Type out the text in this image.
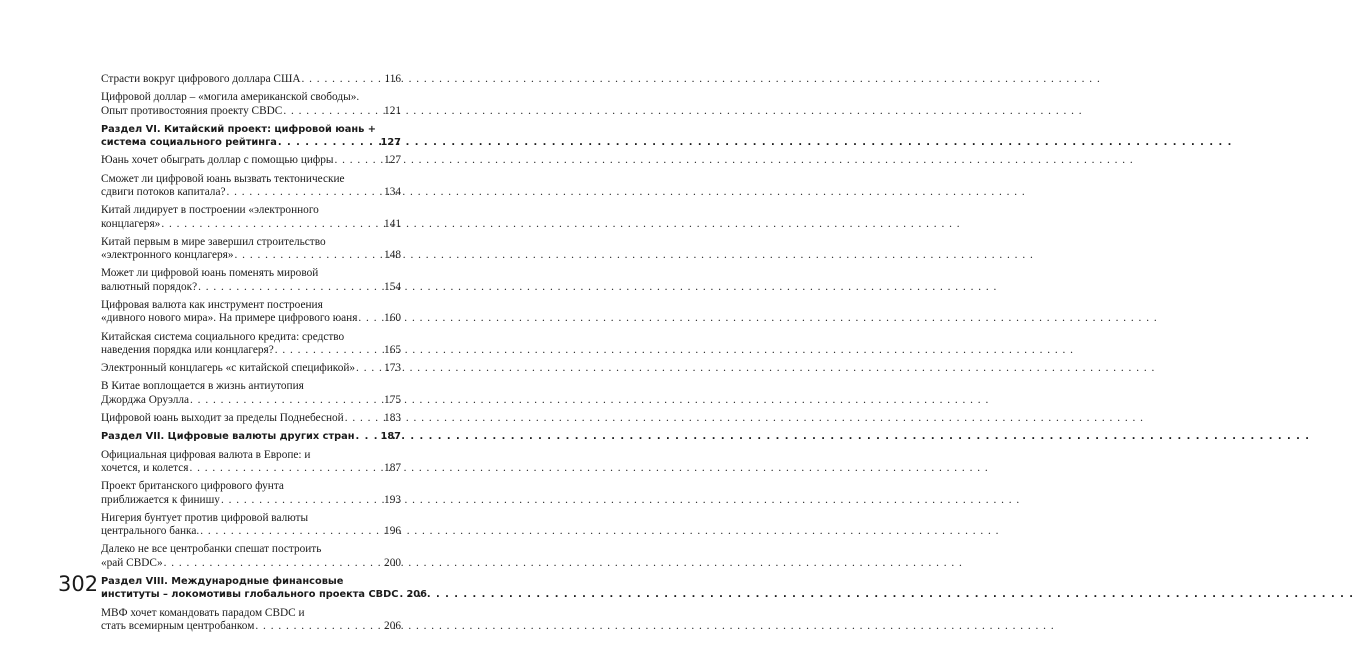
Страсти вокруг цифрового доллара США . . .	116
Цифровой доллар – «могила американской свободы».
Опыт противостояния проекту CBDC . . .	121
Раздел VI. Китайский проект: цифровой юань +
система социального рейтинга . . .	127
Юань хочет обыграть доллар с помощью цифры . . .	127
Сможет ли цифровой юань вызвать тектонические
сдвиги потоков капитала? . . .	134
Китай лидирует в построении «электронного
концлагеря» . . .	141
Китай первым в мире завершил строительство
«электронного концлагеря» . . .	148
Может ли цифровой юань поменять мировой
валютный порядок? . . .	154
Цифровая валюта как инструмент построения
«дивного нового мира». На примере цифрового юаня . . . 160
Китайская система социального кредита: средство
наведения порядка или концлагеря? . . .	165
Электронный концлагерь «с китайской спецификой» . . .	173
В Китае воплощается в жизнь антиутопия
Джорджа Оруэлла . . .	175
Цифровой юань выходит за пределы Поднебесной . . .	183
Раздел VII. Цифровые валюты других стран . . .	187
Официальная цифровая валюта в Европе: и
хочется, и колется . . .	187
Проект британского цифрового фунта
приближается к финишу . . .	193
Нигерия бунтует против цифровой валюты
центрального банка. . . .	196
Далеко не все центробанки спешат построить
«рай CBDC» . . .	200
Раздел VIII. Международные финансовые
институты – локомотивы глобального проекта CBDC . . . 206
МВФ хочет командовать парадом CBDC и
стать всемирным центробанком . . .	206
302
